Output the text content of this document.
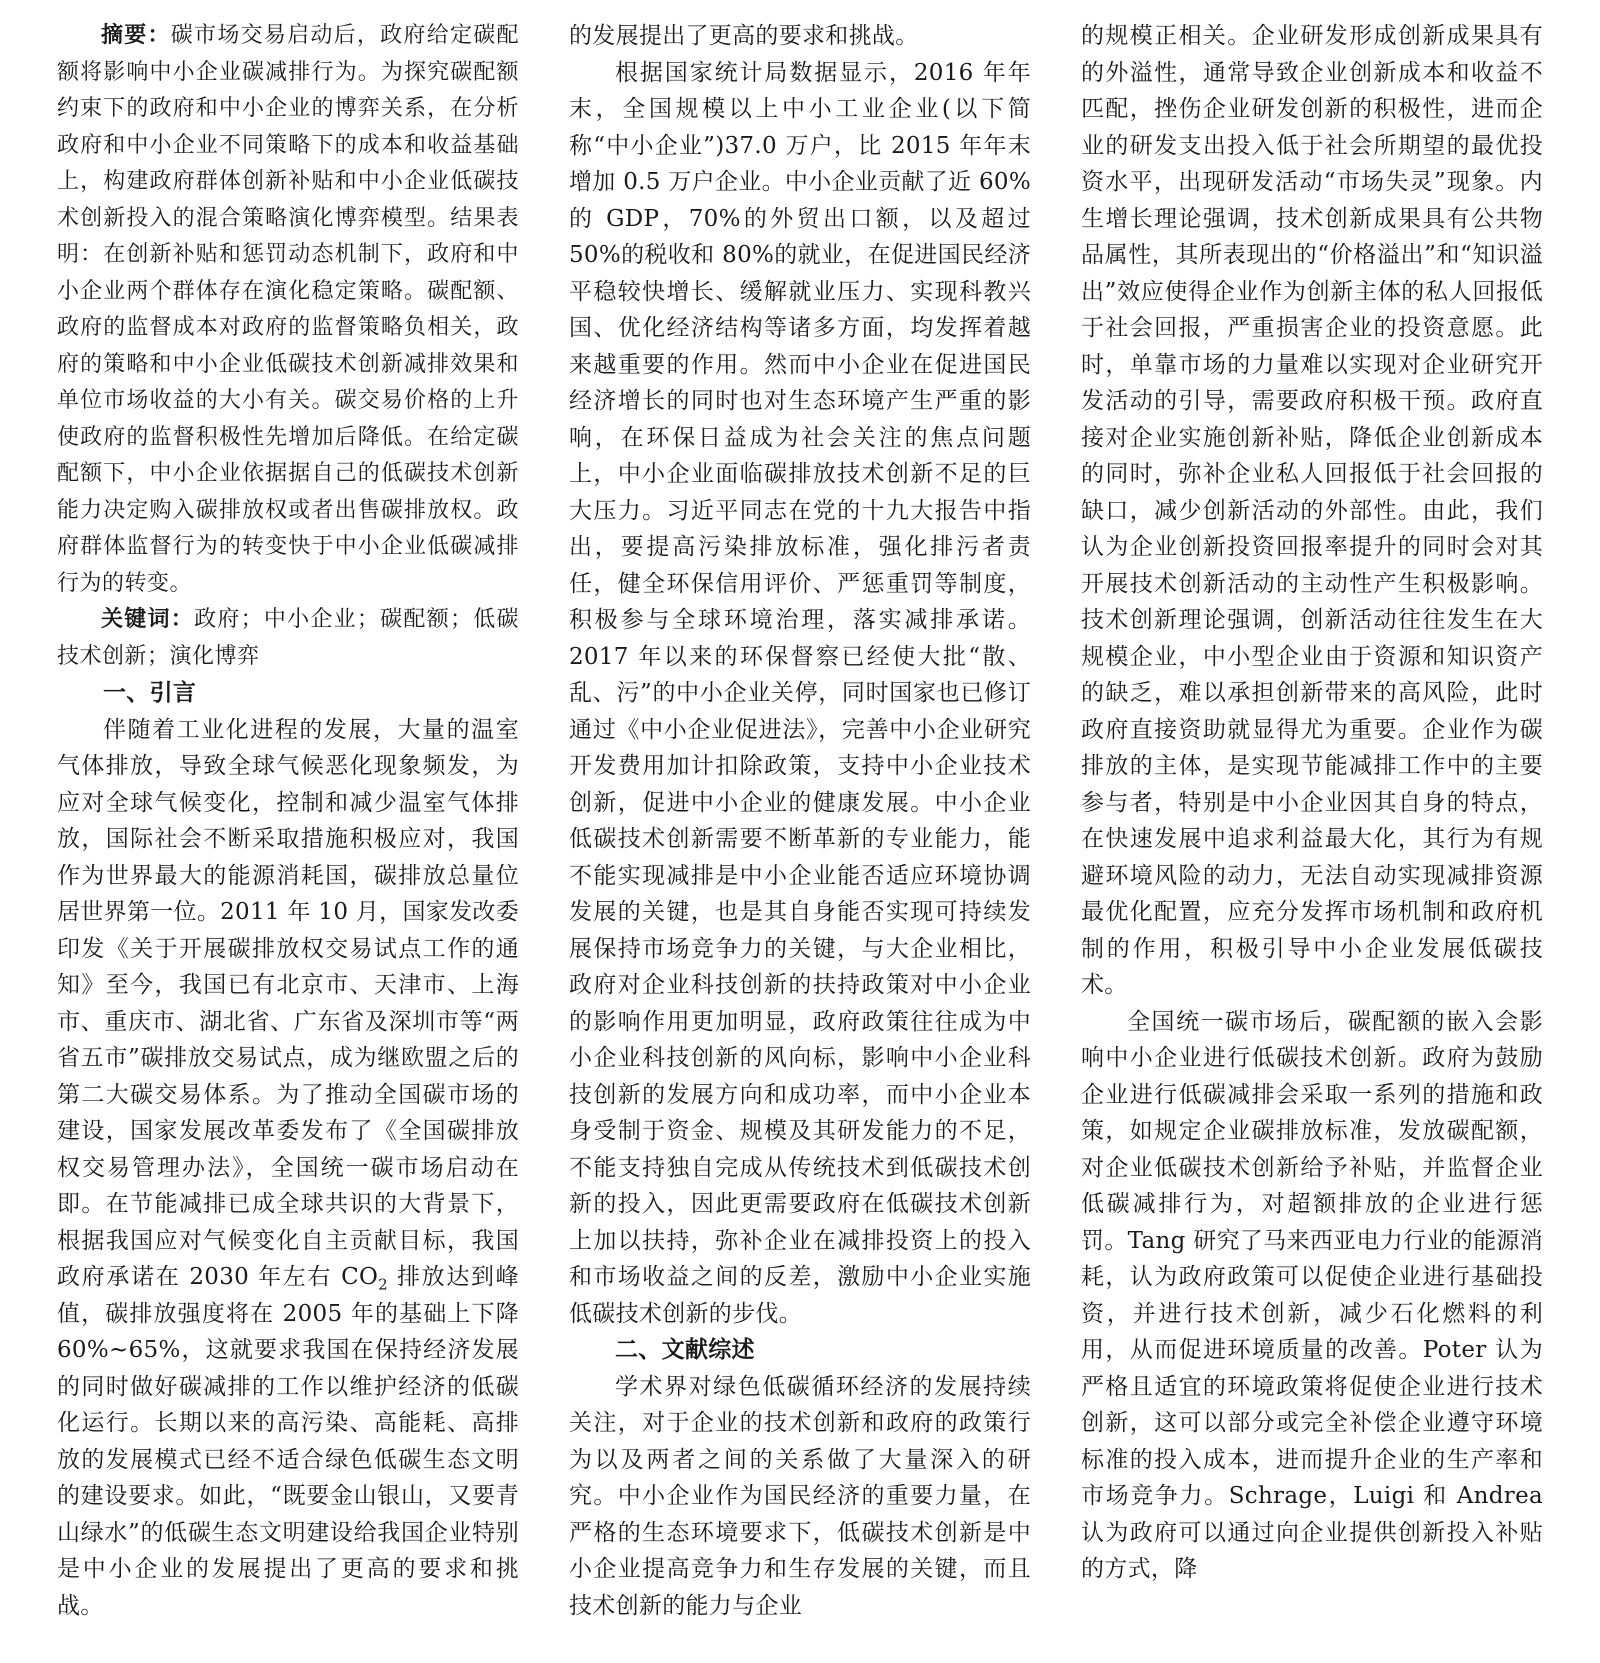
摘要：碳市场交易启动后，政府给定碳配额将影响中小企业碳减排行为。为探究碳配额约束下的政府和中小企业的博弈关系，在分析政府和中小企业不同策略下的成本和收益基础上，构建政府群体创新补贴和中小企业低碳技术创新投入的混合策略演化博弈模型。结果表明：在创新补贴和惩罚动态机制下，政府和中小企业两个群体存在演化稳定策略。碳配额、政府的监督成本对政府的监督策略负相关，政府的策略和中小企业低碳技术创新减排效果和单位市场收益的大小有关。碳交易价格的上升使政府的监督积极性先增加后降低。在给定碳配额下，中小企业依据据自己的低碳技术创新能力决定购入碳排放权或者出售碳排放权。政府群体监督行为的转变快于中小企业低碳减排行为的转变。

关键词：政府；中小企业；碳配额；低碳技术创新；演化博弈

一、引言

伴随着工业化进程的发展，大量的温室气体排放，导致全球气候恶化现象频发，为应对全球气候变化，控制和减少温室气体排放，国际社会不断采取措施积极应对，我国作为世界最大的能源消耗国，碳排放总量位居世界第一位。2011 年 10 月，国家发改委印发《关于开展碳排放权交易试点工作的通知》至今，我国已有北京市、天津市、上海市、重庆市、湖北省、广东省及深圳市等“两省五市”碳排放交易试点，成为继欧盟之后的第二大碳交易体系。为了推动全国碳市场的建设，国家发展改革委发布了《全国碳排放权交易管理办法》，全国统一碳市场启动在即。在节能减排已成全球共识的大背景下，根据我国应对气候变化自主贡献目标，我国政府承诺在 2030 年左右 $CO_2$ 排放达到峰值，碳排放强度将在 2005 年的基础上下降 60%~65%，这就要求我国在保持经济发展的同时做好碳减排的工作以维护经济的低碳化运行。长期以来的高污染、高能耗、高排放的发展模式已经不适合绿色低碳生态文明的建设要求。如此，“既要金山银山，又要青山绿水”的低碳生态文明建设给我国企业特别是中小企业的发展提出了更高的要求和挑战。

的发展提出了更高的要求和挑战。

根据国家统计局数据显示，2016 年年末，全国规模以上中小工业企业(以下简称“中小企业”)37.0 万户，比 2015 年年末增加 0.5 万户企业。中小企业贡献了近 60%的 GDP，70%的外贸出口额，以及超过 50%的税收和 80%的就业，在促进国民经济平稳较快增长、缓解就业压力、实现科教兴国、优化经济结构等诸多方面，均发挥着越来越重要的作用。然而中小企业在促进国民经济增长的同时也对生态环境产生严重的影响，在环保日益成为社会关注的焦点问题上，中小企业面临碳排放技术创新不足的巨大压力。习近平同志在党的十九大报告中指出，要提高污染排放标准，强化排污者责任，健全环保信用评价、严惩重罚等制度，积极参与全球环境治理，落实减排承诺。2017 年以来的环保督察已经使大批“散、乱、污”的中小企业关停，同时国家也已修订通过《中小企业促进法》，完善中小企业研究开发费用加计扣除政策，支持中小企业技术创新，促进中小企业的健康发展。中小企业低碳技术创新需要不断革新的专业能力，能不能实现减排是中小企业能否适应环境协调发展的关键，也是其自身能否实现可持续发展保持市场竞争力的关键，与大企业相比，政府对企业科技创新的扶持政策对中小企业的影响作用更加明显，政府政策往往成为中小企业科技创新的风向标，影响中小企业科技创新的发展方向和成功率，而中小企业本身受制于资金、规模及其研发能力的不足，不能支持独自完成从传统技术到低碳技术创新的投入，因此更需要政府在低碳技术创新上加以扶持，弥补企业在减排投资上的投入和市场收益之间的反差，激励中小企业实施低碳技术创新的步伐。

二、文献综述

学术界对绿色低碳循环经济的发展持续关注，对于企业的技术创新和政府的政策行为以及两者之间的关系做了大量深入的研究。中小企业作为国民经济的重要力量，在严格的生态环境要求下，低碳技术创新是中小企业提高竞争力和生存发展的关键，而且技术创新的能力与企业

的规模正相关。企业研发形成创新成果具有的外溢性，通常导致企业创新成本和收益不匹配，挫伤企业研发创新的积极性，进而企业的研发支出投入低于社会所期望的最优投资水平，出现研发活动“市场失灵”现象。内生增长理论强调，技术创新成果具有公共物品属性，其所表现出的“价格溢出”和“知识溢出”效应使得企业作为创新主体的私人回报低于社会回报，严重损害企业的投资意愿。此时，单靠市场的力量难以实现对企业研究开发活动的引导，需要政府积极干预。政府直接对企业实施创新补贴，降低企业创新成本的同时，弥补企业私人回报低于社会回报的缺口，减少创新活动的外部性。由此，我们认为企业创新投资回报率提升的同时会对其开展技术创新活动的主动性产生积极影响。技术创新理论强调，创新活动往往发生在大规模企业，中小型企业由于资源和知识资产的缺乏，难以承担创新带来的高风险，此时政府直接资助就显得尤为重要。企业作为碳排放的主体，是实现节能减排工作中的主要参与者，特别是中小企业因其自身的特点，在快速发展中追求利益最大化，其行为有规避环境风险的动力，无法自动实现减排资源最优化配置，应充分发挥市场机制和政府机制的作用，积极引导中小企业发展低碳技术。

全国统一碳市场后，碳配额的嵌入会影响中小企业进行低碳技术创新。政府为鼓励企业进行低碳减排会采取一系列的措施和政策，如规定企业碳排放标准，发放碳配额，对企业低碳技术创新给予补贴，并监督企业低碳减排行为，对超额排放的企业进行惩罚。Tang 研究了马来西亚电力行业的能源消耗，认为政府政策可以促使企业进行基础投资，并进行技术创新，减少石化燃料的利用，从而促进环境质量的改善。Poter 认为严格且适宜的环境政策将促使企业进行技术创新，这可以部分或完全补偿企业遵守环境标准的投入成本，进而提升企业的生产率和市场竞争力。Schrage，Luigi 和 Andrea 认为政府可以通过向企业提供创新投入补贴的方式，降
